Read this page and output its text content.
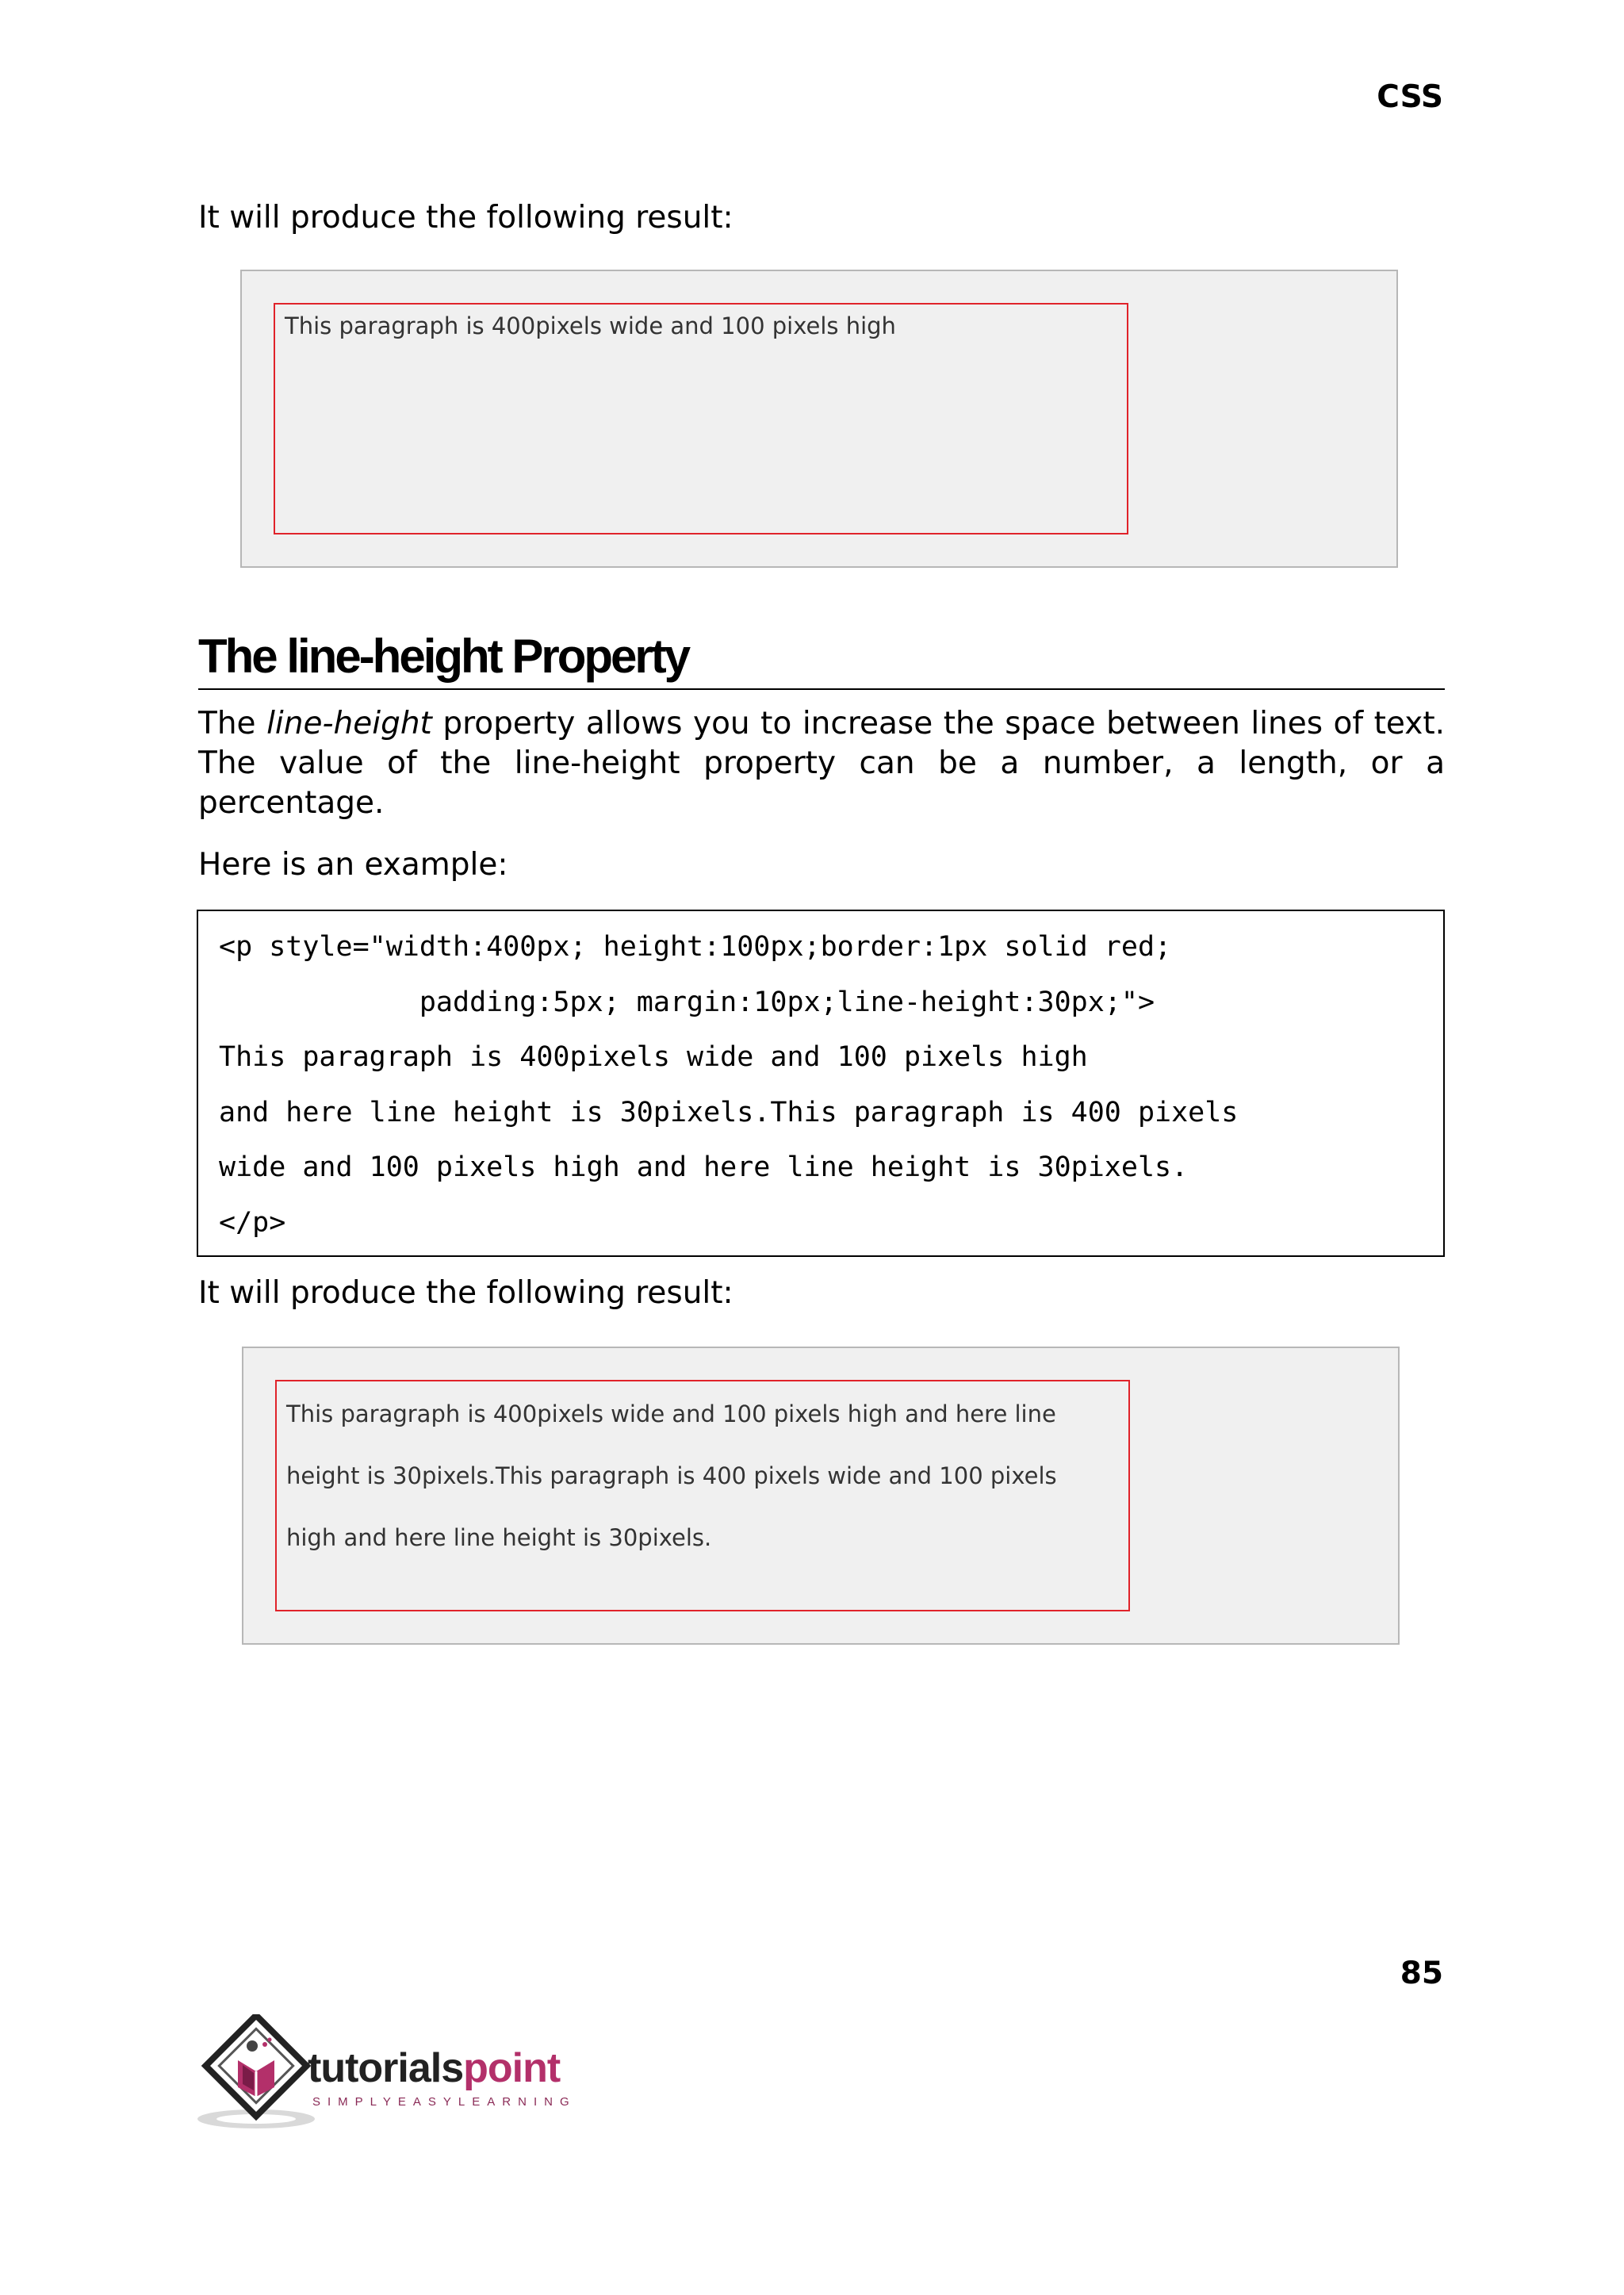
CSS
It will produce the following result:
This paragraph is 400pixels wide and 100 pixels high
The line-height Property
The line-height property allows you to increase the space between lines of text.
The value of the line-height property can be a number, a length, or a
percentage.
Here is an example:
<p style="width:400px; height:100px;border:1px solid red;
padding:5px; margin:10px;line-height:30px;">
This paragraph is 400pixels wide and 100 pixels high
and here line height is 30pixels.This paragraph is 400 pixels
wide and 100 pixels high and here line height is 30pixels.
</p>
It will produce the following result:
This paragraph is 400pixels wide and 100 pixels high and here line
height is 30pixels.This paragraph is 400 pixels wide and 100 pixels
high and here line height is 30pixels.
85
tutorialspoint
SIMPLYEASYLEARNING
